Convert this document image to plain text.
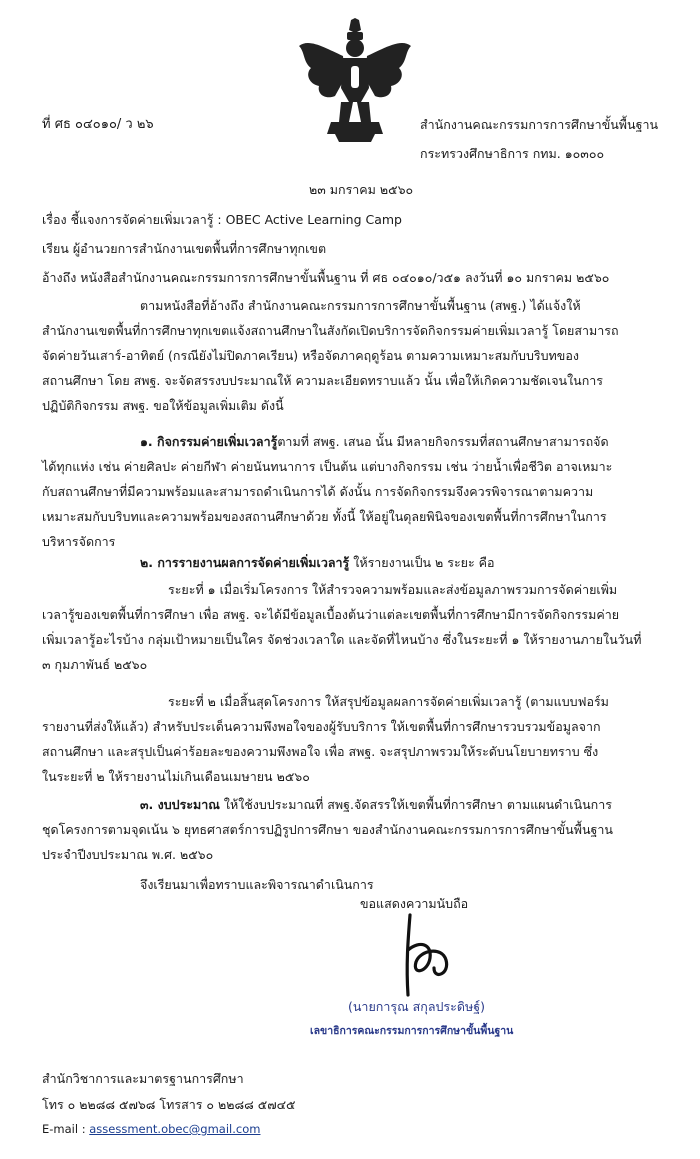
ที่ ศธ ๐๔๐๑๐/ ว ๒๖	สำนักงานคณะกรรมการการศึกษาขั้นพื้นฐาน
กระทรวงศึกษาธิการ กทม. ๑๐๓๐๐
๒๓ มกราคม ๒๕๖๐
เรื่อง ชี้แจงการจัดค่ายเพิ่มเวลารู้ : OBEC Active Learning Camp
เรียน ผู้อำนวยการสำนักงานเขตพื้นที่การศึกษาทุกเขต
อ้างถึง หนังสือสำนักงานคณะกรรมการการศึกษาขั้นพื้นฐาน ที่ ศธ ๐๔๐๑๐/ว๕๑ ลงวันที่ ๑๐ มกราคม ๒๕๖๐
ตามหนังสือที่อ้างถึง สำนักงานคณะกรรมการการศึกษาขั้นพื้นฐาน (สพฐ.) ได้แจ้งให้
สำนักงานเขตพื้นที่การศึกษาทุกเขตแจ้งสถานศึกษาในสังกัดเปิดบริการจัดกิจกรรมค่ายเพิ่มเวลารู้ โดยสามารถ
จัดค่ายวันเสาร์-อาทิตย์ (กรณียังไม่ปิดภาคเรียน) หรือจัดภาคฤดูร้อน ตามความเหมาะสมกับบริบทของ
สถานศึกษา โดย สพฐ. จะจัดสรรงบประมาณให้ ความละเอียดทราบแล้ว นั้น เพื่อให้เกิดความชัดเจนในการ
ปฏิบัติกิจกรรม สพฐ. ขอให้ข้อมูลเพิ่มเติม ดังนี้
๑. กิจกรรมค่ายเพิ่มเวลารู้ตามที่ สพฐ. เสนอ นั้น มีหลายกิจกรรมที่สถานศึกษาสามารถจัด
ได้ทุกแห่ง เช่น ค่ายศิลปะ ค่ายกีฬา ค่ายนันทนาการ เป็นต้น แต่บางกิจกรรม เช่น ว่ายน้ำเพื่อชีวิต อาจเหมาะ
กับสถานศึกษาที่มีความพร้อมและสามารถดำเนินการได้ ดังนั้น การจัดกิจกรรมจึงควรพิจารณาตามความ
เหมาะสมกับบริบทและความพร้อมของสถานศึกษาด้วย ทั้งนี้ ให้อยู่ในดุลยพินิจของเขตพื้นที่การศึกษาในการ
บริหารจัดการ
๒. การรายงานผลการจัดค่ายเพิ่มเวลารู้ ให้รายงานเป็น ๒ ระยะ คือ
ระยะที่ ๑ เมื่อเริ่มโครงการ ให้สำรวจความพร้อมและส่งข้อมูลภาพรวมการจัดค่ายเพิ่ม
เวลารู้ของเขตพื้นที่การศึกษา เพื่อ สพฐ. จะได้มีข้อมูลเบื้องต้นว่าแต่ละเขตพื้นที่การศึกษามีการจัดกิจกรรมค่าย
เพิ่มเวลารู้อะไรบ้าง กลุ่มเป้าหมายเป็นใคร จัดช่วงเวลาใด และจัดที่ไหนบ้าง ซึ่งในระยะที่ ๑ ให้รายงานภายในวันที่
๓ กุมภาพันธ์ ๒๕๖๐
ระยะที่ ๒ เมื่อสิ้นสุดโครงการ ให้สรุปข้อมูลผลการจัดค่ายเพิ่มเวลารู้ (ตามแบบฟอร์ม
รายงานที่ส่งให้แล้ว) สำหรับประเด็นความพึงพอใจของผู้รับบริการ ให้เขตพื้นที่การศึกษารวบรวมข้อมูลจาก
สถานศึกษา และสรุปเป็นค่าร้อยละของความพึงพอใจ เพื่อ สพฐ. จะสรุปภาพรวมให้ระดับนโยบายทราบ ซึ่ง
ในระยะที่ ๒ ให้รายงานไม่เกินเดือนเมษายน ๒๕๖๐
๓. งบประมาณ ให้ใช้งบประมาณที่ สพฐ.จัดสรรให้เขตพื้นที่การศึกษา ตามแผนดำเนินการ
ชุดโครงการตามจุดเน้น ๖ ยุทธศาสตร์การปฏิรูปการศึกษา ของสำนักงานคณะกรรมการการศึกษาขั้นพื้นฐาน
ประจำปีงบประมาณ พ.ศ. ๒๕๖๐
จึงเรียนมาเพื่อทราบและพิจารณาดำเนินการ
ขอแสดงความนับถือ
(นายการุณ สกุลประดิษฐ์)
เลขาธิการคณะกรรมการการศึกษาขั้นพื้นฐาน
สำนักวิชาการและมาตรฐานการศึกษา
โทร ๐ ๒๒๘๘ ๕๗๖๘ โทรสาร ๐ ๒๒๘๘ ๕๗๔๕
E-mail : assessment.obec@gmail.com
